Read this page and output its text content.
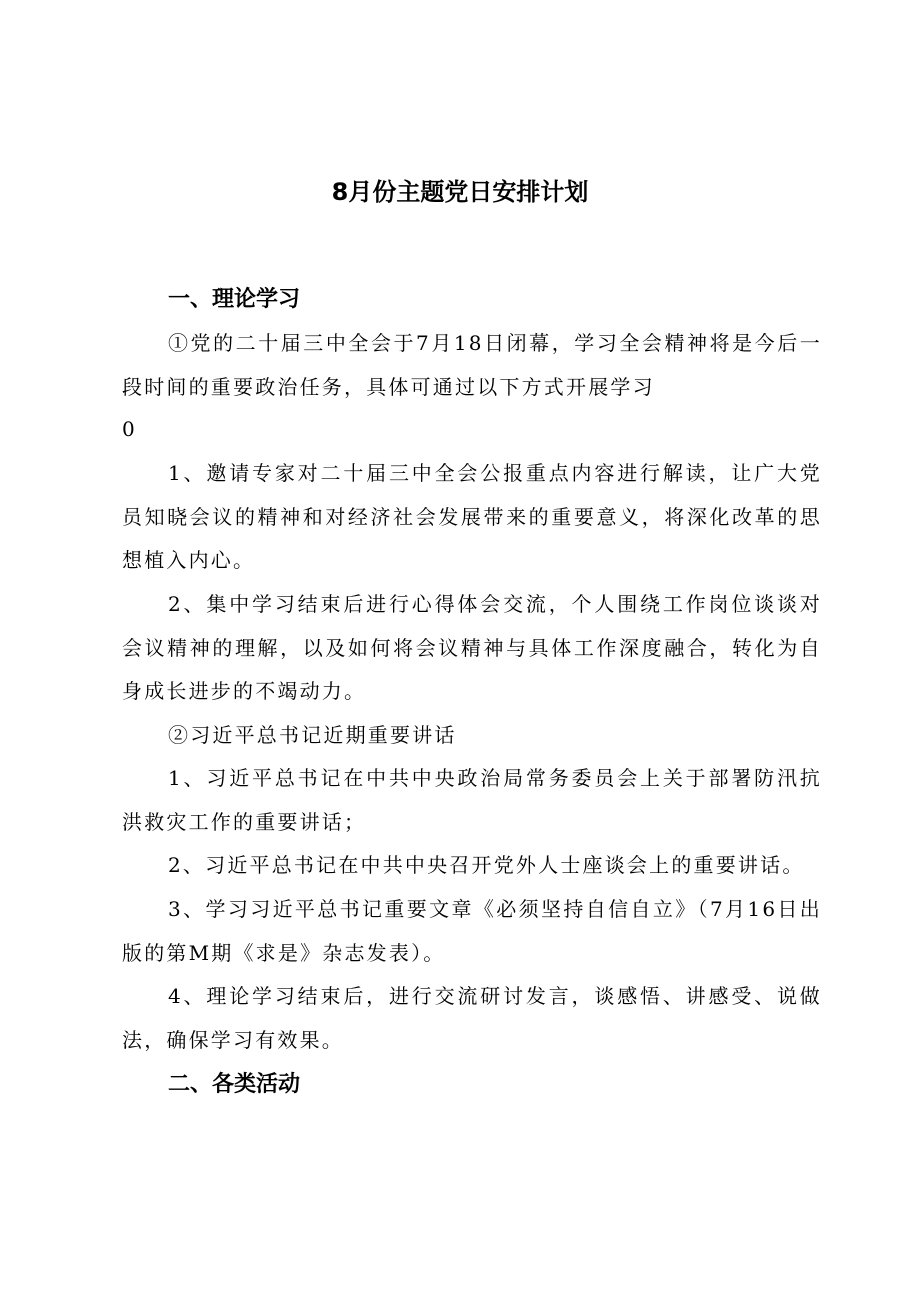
8月份主题党日安排计划
一、理论学习
①党的二十届三中全会于7月18日闭幕，学习全会精神将是今后一段时间的重要政治任务，具体可通过以下方式开展学习
0
1、邀请专家对二十届三中全会公报重点内容进行解读，让广大党员知晓会议的精神和对经济社会发展带来的重要意义，将深化改革的思想植入内心。
2、集中学习结束后进行心得体会交流，个人围绕工作岗位谈谈对会议精神的理解，以及如何将会议精神与具体工作深度融合，转化为自身成长进步的不竭动力。
②习近平总书记近期重要讲话
1、习近平总书记在中共中央政治局常务委员会上关于部署防汛抗洪救灾工作的重要讲话；
2、习近平总书记在中共中央召开党外人士座谈会上的重要讲话。
3、学习习近平总书记重要文章《必须坚持自信自立》（7月16日出版的第M期《求是》杂志发表）。
4、理论学习结束后，进行交流研讨发言，谈感悟、讲感受、说做法，确保学习有效果。
二、各类活动
